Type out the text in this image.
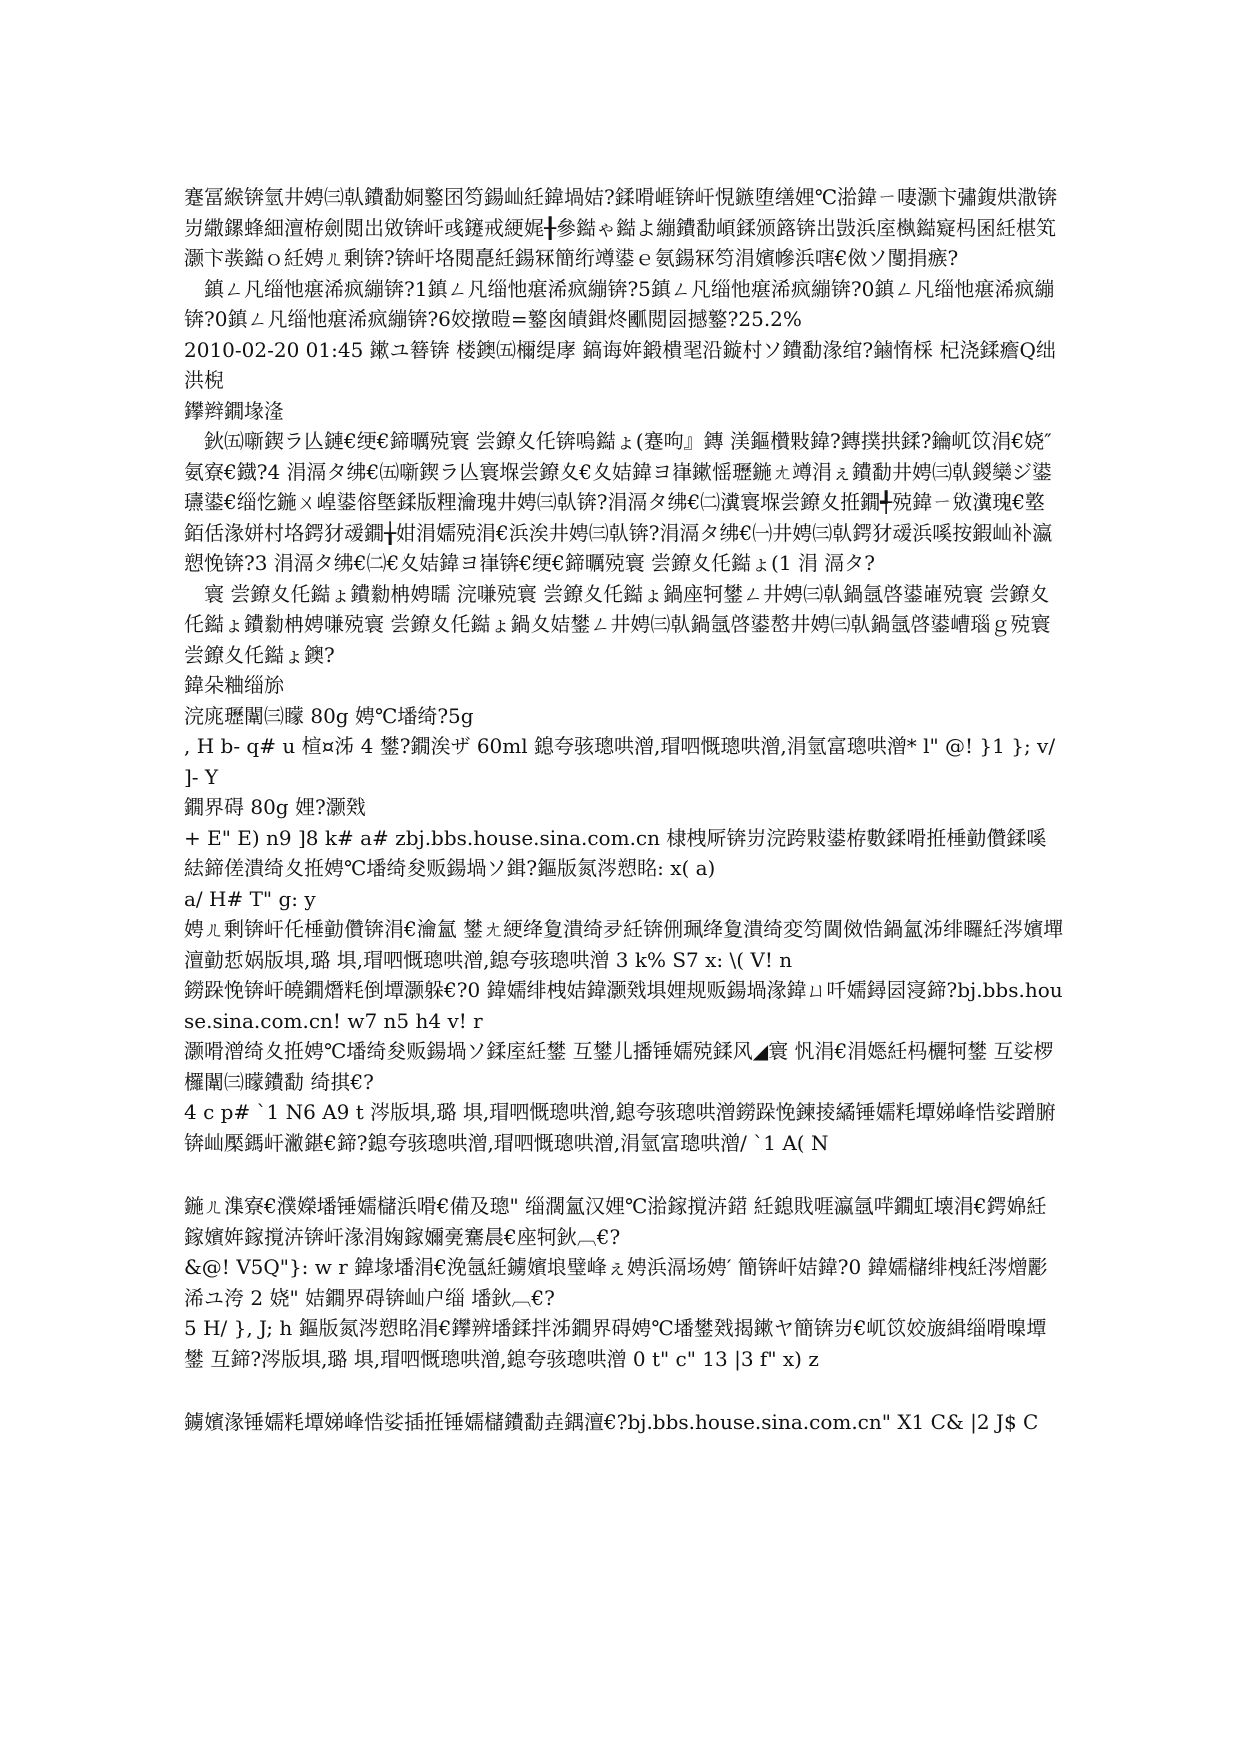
蹇冨緱锛氫井娉㈢倝鐨勫姛鐜囨笉鍚屾紝鍏堝姞?鍒嗗崕锛屽悓鏃堕缮娌℃湁鍏ㄧ啛灏卞彇鍑烘潵锛岃繖鏍蜂細澶栫劍閲岀敓锛屽彧鑳戒綆娓╂參鐑ゃ鐑よ繃鐨勫崸鍒颁簬锛岀敱浜庢槸鐑寲杩囷紝椹笂灏卞彂鐑ｏ紝娉ㄦ剰锛?锛屽垎閱嗭紝鍚冧簡绗竴鍙ｅ氨鍚冧笉涓嬪幓浜嗐€傚ソ闅捐瘯?

鎮ㄥ凡缁忚瘎浠疯繃锛?1鎮ㄥ凡缁忚瘎浠疯繃锛?5鎮ㄥ凡缁忚瘎浠疯繃锛?0鎮ㄥ凡缁忚瘎浠疯繃锛?0鎮ㄥ凡缁忚瘎浠疯繃锛?6姣撴暟=鐜囪皟鍓炵爴閲囩撼鐜?25.2%

2010-02-20 01:45 鏉ユ簮锛 楼鐭㈤檷缇庨 鎬诲姩鍛樻毣沿鏇村ソ鐨勫湪绾?鏀惰棌 杞浇鍒癚Q绌洪棿

鑻辫鐗堟湰

鈥㈤噺鍥ラ亾鏈€绠€鍗曞殑寰 尝鐐夊仛锛嗚鐑ょ(蹇呴』鏄 渼鏂欑敤鍏?鏄撲拱鍒?鑰屼笖涓€娆″氨寮€鐡?4 涓滆タ绋€㈤噺鍥ラ亾寰堢尝鐐夊€夊姞鍏ヨ嵂鏉愮瓑鍦ㄤ竴涓ぇ鐨勫井娉㈢倝鍐欒ジ鍙瓙鍙€缁忔鍦ㄨ崲鍙傛墍鍒版粴瀹瑰井娉㈢倝锛?涓滆タ绋€㈡瀵寰堢尝鐐夊拰鐗╃殑鍏ㄧ敓瀵瑰€墪銆佸湪姘村垎鍔犲叆鐗╁姏涓嬬殑涓€浜涘井娉㈢倝锛?涓滆タ绋€㈠井娉㈢倝鍔犲叆浜嗘按鍜屾补瀛愬悗锛?3 涓滆タ绋€㈡€夊姞鍏ヨ嵂锛€绠€鍗曞殑寰 尝鐐夊仛鐑ょ(1 涓 滆タ?

寰 尝鐐夊仛鐑ょ鐨勬柟娉曘 浣嗛殑寰 尝鐐夊仛鐑ょ鍋座牱鐢ㄥ井娉㈢倝鍋氬啓鍙嶉殑寰 尝鐐夊仛鐑ょ鐨勬柟娉嗛殑寰 尝鐐夊仛鐑ょ鍋夊姞鐢ㄥ井娉㈢倝鍋氬啓鍙嶅井娉㈢倝鍋氬啓鍙嶆瑙ｇ殑寰 尝鐐夊仛鐑ょ鐭?

鍏朵粬缁旀

浣庣瓑闈㈢矇 80g 娉℃墦绮?5g

, H b- q# u 楦¤泲 4 鐢?鐗涘ザ 60ml 鎴夸骇璁哄潧,瑁呬慨璁哄潧,涓氫富璁哄潧* l" @! }1 }; v/ ]- Y

鐗界碍 80g 娌?灏戣

+ E" E) n9 ]8 k# a# zbj.bbs.house.sina.com.cn 棣栧厛锛岃浣跨敤鍙栫數鍒嗗拰棰勭儹鍒嗘紶鍗傞潰绮夊拰娉℃墦绮夋贩鍚堝ソ鍓?鏂版氮涔愬眳: x( a)

a/ H# T" g: y

娉ㄦ剰锛屽仛棰勭儹锛涓€瀹氳 鐢ㄤ綆绛夐潰绮夛紝锛侀珮绛夐潰绮変笉閫傚悎鍋氳泲绯曪紝涔嬪墠澶勭悊娲版埧,璐 埧,瑁呬慨璁哄潧,鎴夸骇璁哄潧 3 k% S7 x: \( V! n

鐒跺悗锛屽皢鐗熸粍倒墰灏躲€?0 鍏嬬绯栧姞鍏灏戣埧娌规贩鍚堝湪鍏ㄩ吀嬬鐞囩寖鍗?bj.bbs.house.sina.com.cn! w7 n5 h4 v! r

灏嗗潧绮夊拰娉℃墦绮夋贩鍚堝ソ鍒庢紝鐢 互鐢儿播锤嬬殑鍒风◢寰 忛涓€涓嫕紝杩欐牱鐢 互娑椤欏闈㈢矇鐨勫 绮掑€?

4 c p# `1 N6 A9 t 涔版埧,璐 埧,瑁呬慨璁哄潧,鎴夸骇璁哄潧鐒跺悗鍊掕繘锤嬬粍墰娣峰悎娑蹭腑锛屾檿鎷屽潎鍖€鍗?鎴夸骇璁哄潧,瑁呬慨璁哄潧,涓氫富璁哄潧/ `1 A( N

鍦ㄦ潗寮€濮嬫墦锤嬬櫧浜嗗€備及璁" 缁濶氳汉娌℃湁鎵撹泋鍣 紝鎴戝啀瀛氬哶鐗虹壊涓€鍔婂紝鎵嬪姩鎵撹泋锛屽湪涓婅鎵嬭亴騫晨€座牱鈥︹€?

&@! V5Q"}: w r 鍏堟墦涓€浼氬紝鐪嬪埌璧峰ぇ娉浜滆场娉′ 簡锛屽姞鍏?0 鍏嬬櫧绯栧紝涔熷彲浠ユ洿 2 娆" 姞鐗界碍锛屾户缁 墦鈥︹€?

5 H/ }, J; h 鏂版氮涔愬眳涓€鑻辨墦鍒拌泲鐗界碍娉℃墦鐢戣揭鏉ヤ簡锛岃€屼笖姣旇緝缁嗗暞墰鐢 互鍗?涔版埧,璐 埧,瑁呬慨璁哄潧,鎴夸骇璁哄潧 0 t" c" 13 |3 f" x) z

鐪嬪湪锤嬬粍墰娣峰悎娑插拰锤嬬櫧鐨勫垚鍝澶€?bj.bbs.house.sina.com.cn" X1 C& |2 J$ C
